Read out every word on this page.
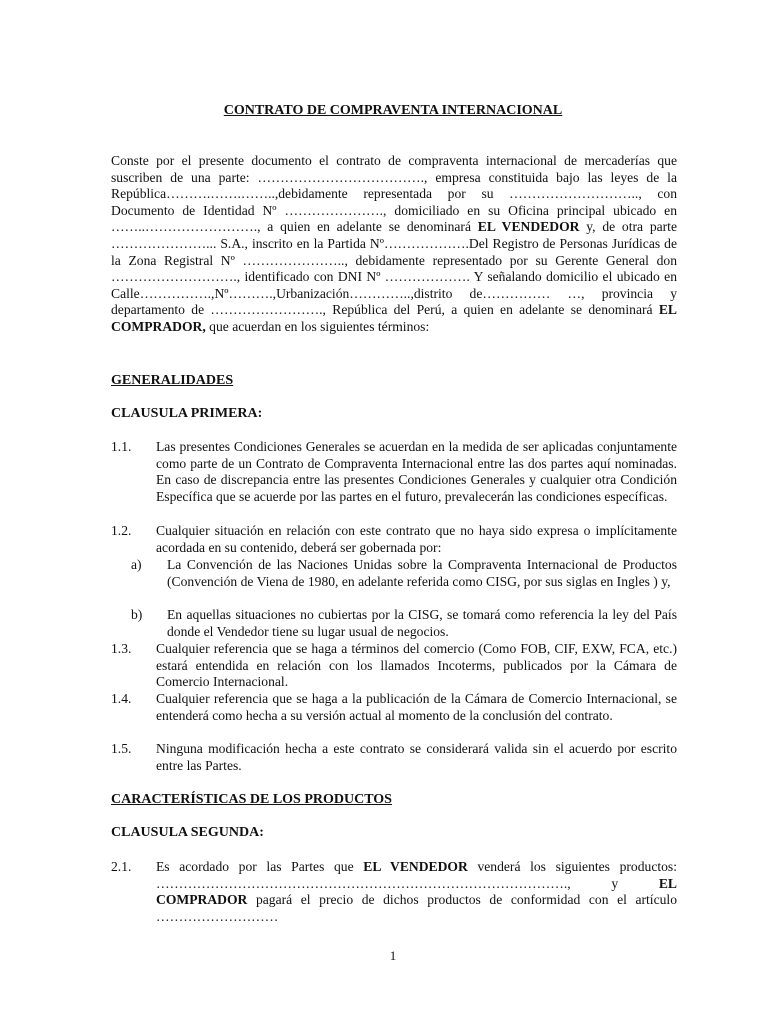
CONTRATO DE COMPRAVENTA INTERNACIONAL
Conste por el presente documento el contrato de compraventa internacional de mercaderías que suscriben de una parte: ………………………………., empresa constituida bajo las leyes de la República……….…….……..,debidamente representada por su ……………………….., con Documento de Identidad Nº …………………., domiciliado en su Oficina principal ubicado en ……..……………………., a quien en adelante se denominará EL VENDEDOR y, de otra parte …………………... S.A., inscrito en la Partida Nº……………….Del Registro de Personas Jurídicas de la Zona Registral Nº ………………….., debidamente representado por su Gerente General don ………………………., identificado con DNI Nº ………………. Y señalando domicilio el ubicado en Calle…………….,Nº……….,Urbanización…………..,distrito de…………… …, provincia y departamento de ……………………., República del Perú, a quien en adelante se denominará EL COMPRADOR, que acuerdan en los siguientes términos:
GENERALIDADES
CLAUSULA PRIMERA:
1.1. Las presentes Condiciones Generales se acuerdan en la medida de ser aplicadas conjuntamente como parte de un Contrato de Compraventa Internacional entre las dos partes aquí nominadas. En caso de discrepancia entre las presentes Condiciones Generales y cualquier otra Condición Específica que se acuerde por las partes en el futuro, prevalecerán las condiciones específicas.
1.2. Cualquier situación en relación con este contrato que no haya sido expresa o implícitamente acordada en su contenido, deberá ser gobernada por:
a) La Convención de las Naciones Unidas sobre la Compraventa Internacional de Productos (Convención de Viena de 1980, en adelante referida como CISG, por sus siglas en Ingles ) y,
b) En aquellas situaciones no cubiertas por la CISG, se tomará como referencia la ley del País donde el Vendedor tiene su lugar usual de negocios.
1.3. Cualquier referencia que se haga a términos del comercio (Como FOB, CIF, EXW, FCA, etc.) estará entendida en relación con los llamados Incoterms, publicados por la Cámara de Comercio Internacional.
1.4. Cualquier referencia que se haga a la publicación de la Cámara de Comercio Internacional, se entenderá como hecha a su versión actual al momento de la conclusión del contrato.
1.5. Ninguna modificación hecha a este contrato se considerará valida sin el acuerdo por escrito entre las Partes.
CARACTERÍSTICAS DE LOS PRODUCTOS
CLAUSULA SEGUNDA:
2.1. Es acordado por las Partes que EL VENDEDOR venderá los siguientes productos: ………………………………………………………………………………., y EL COMPRADOR pagará el precio de dichos productos de conformidad con el artículo ………………………
1
